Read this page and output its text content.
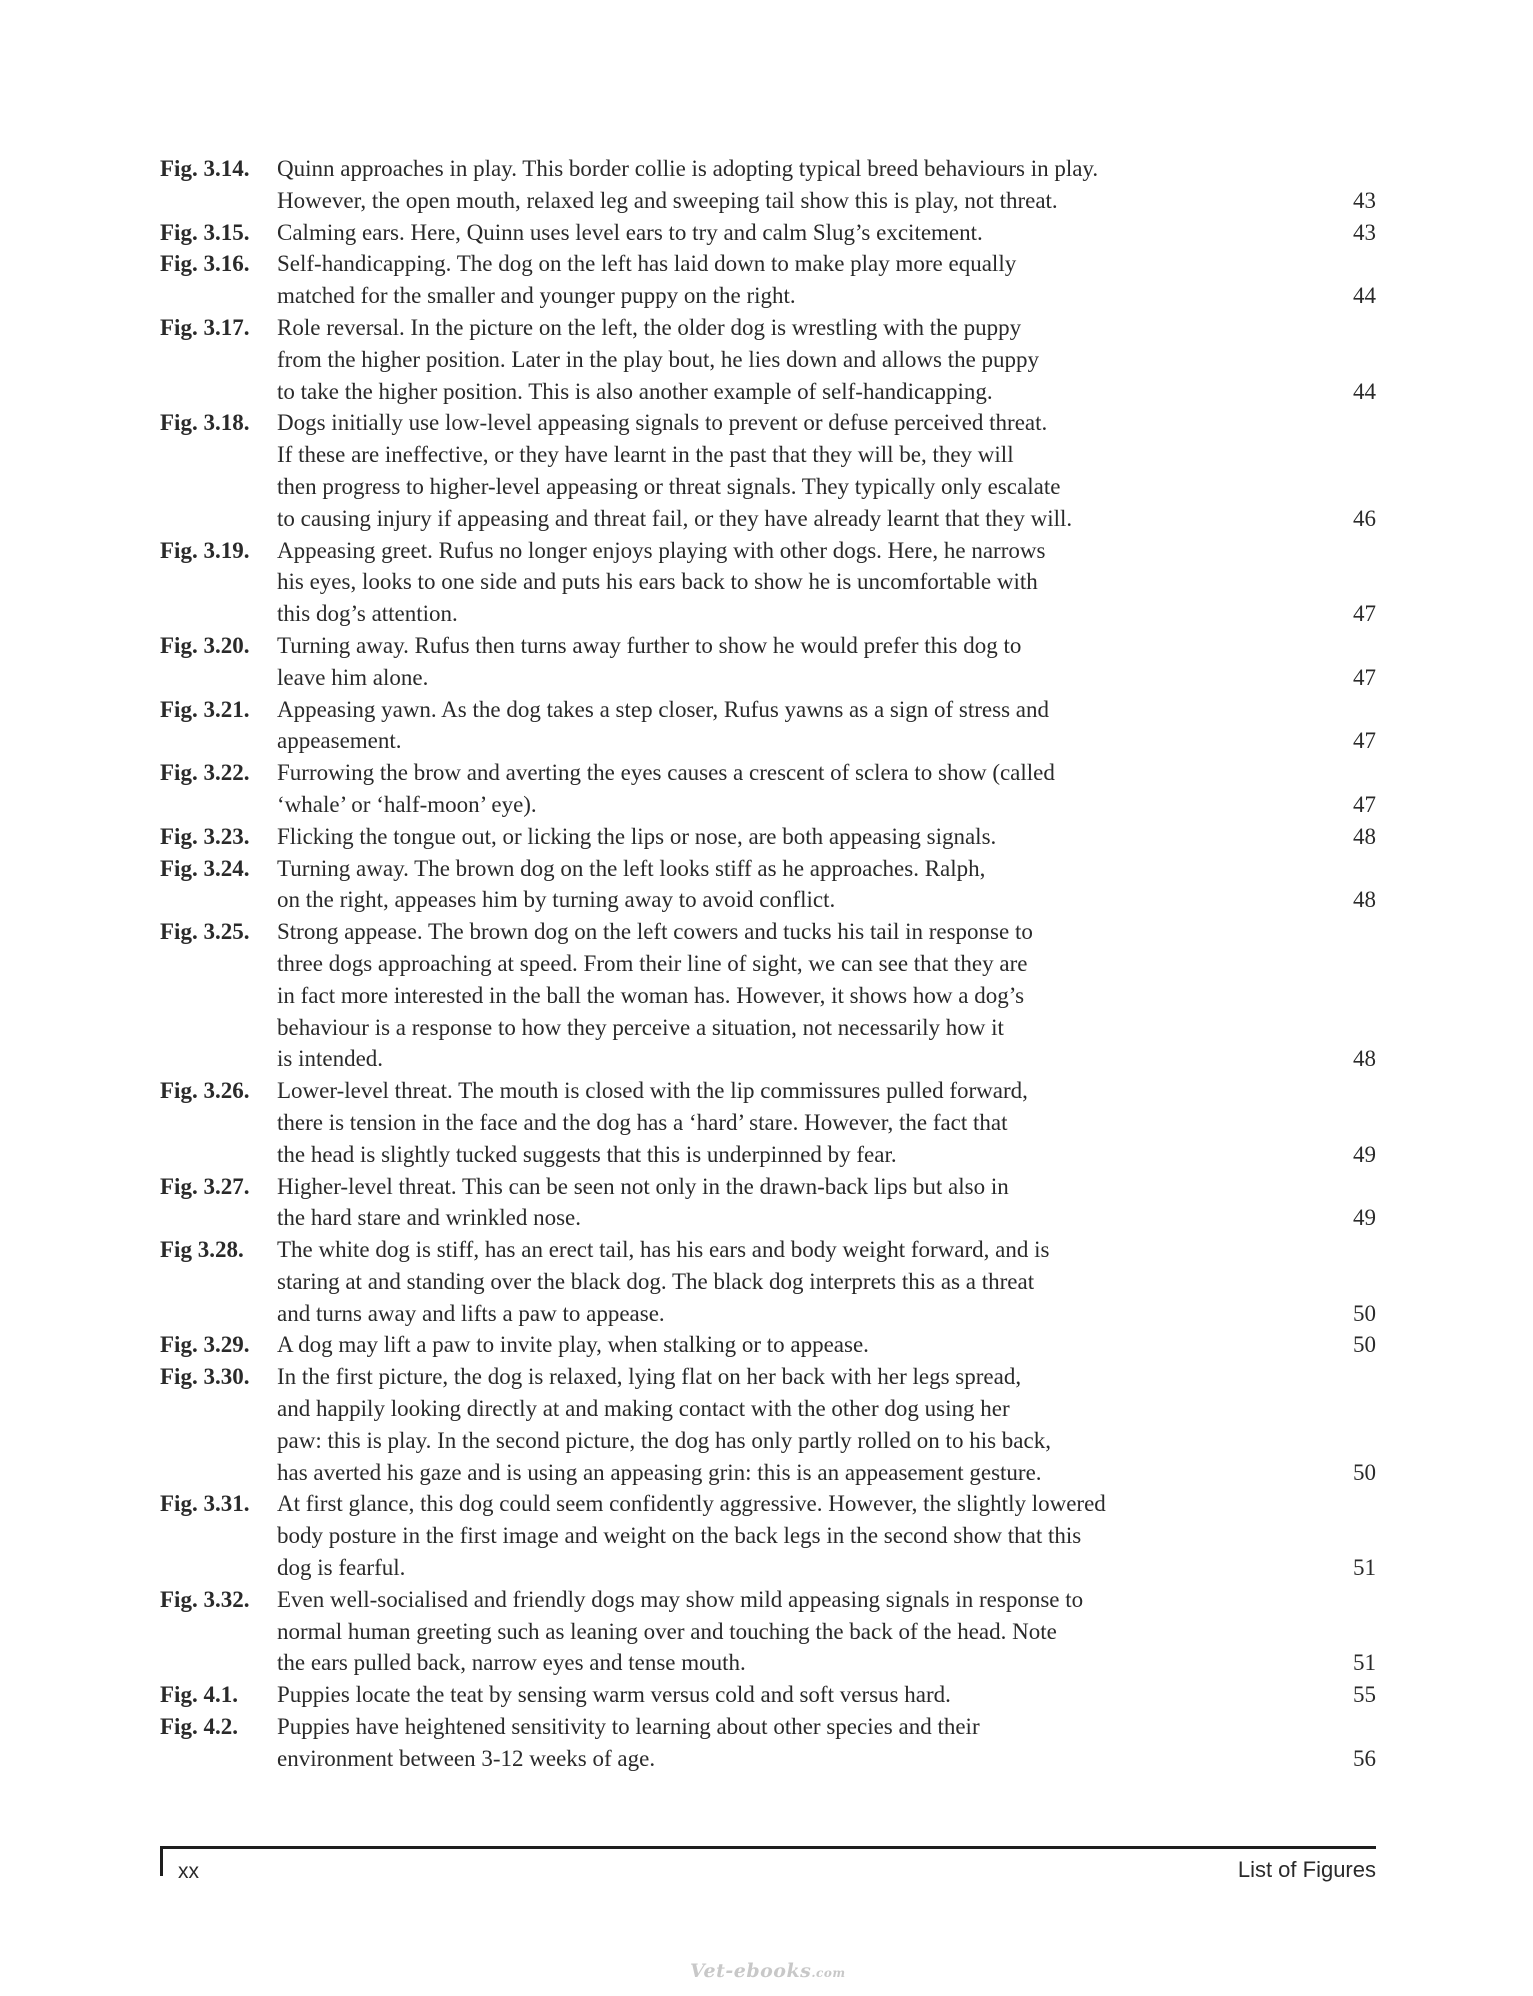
Fig. 3.14.	Quinn approaches in play. This border collie is adopting typical breed behaviours in play.
However, the open mouth, relaxed leg and sweeping tail show this is play, not threat.	43
Fig. 3.15.	Calming ears. Here, Quinn uses level ears to try and calm Slug’s excitement.	43
Fig. 3.16.	Self-handicapping. The dog on the left has laid down to make play more equally
matched for the smaller and younger puppy on the right.	44
Fig. 3.17.	Role reversal. In the picture on the left, the older dog is wrestling with the puppy
from the higher position. Later in the play bout, he lies down and allows the puppy
to take the higher position. This is also another example of self-handicapping.	44
Fig. 3.18.	Dogs initially use low-level appeasing signals to prevent or defuse perceived threat.
If these are ineffective, or they have learnt in the past that they will be, they will
then progress to higher-level appeasing or threat signals. They typically only escalate
to causing injury if appeasing and threat fail, or they have already learnt that they will.	46
Fig. 3.19.	Appeasing greet. Rufus no longer enjoys playing with other dogs. Here, he narrows
his eyes, looks to one side and puts his ears back to show he is uncomfortable with
this dog’s attention.	47
Fig. 3.20.	Turning away. Rufus then turns away further to show he would prefer this dog to
leave him alone.	47
Fig. 3.21.	Appeasing yawn. As the dog takes a step closer, Rufus yawns as a sign of stress and
appeasement.	47
Fig. 3.22.	Furrowing the brow and averting the eyes causes a crescent of sclera to show (called
‘whale’ or ‘half-moon’ eye).	47
Fig. 3.23.	Flicking the tongue out, or licking the lips or nose, are both appeasing signals.	48
Fig. 3.24.	Turning away. The brown dog on the left looks stiff as he approaches. Ralph,
on the right, appeases him by turning away to avoid conflict.	48
Fig. 3.25.	Strong appease. The brown dog on the left cowers and tucks his tail in response to
three dogs approaching at speed. From their line of sight, we can see that they are
in fact more interested in the ball the woman has. However, it shows how a dog’s
behaviour is a response to how they perceive a situation, not necessarily how it
is intended.	48
Fig. 3.26.	Lower-level threat. The mouth is closed with the lip commissures pulled forward,
there is tension in the face and the dog has a ‘hard’ stare. However, the fact that
the head is slightly tucked suggests that this is underpinned by fear.	49
Fig. 3.27.	Higher-level threat. This can be seen not only in the drawn-back lips but also in
the hard stare and wrinkled nose.	49
Fig 3.28.	The white dog is stiff, has an erect tail, has his ears and body weight forward, and is
staring at and standing over the black dog. The black dog interprets this as a threat
and turns away and lifts a paw to appease.	50
Fig. 3.29.	A dog may lift a paw to invite play, when stalking or to appease.	50
Fig. 3.30.	In the first picture, the dog is relaxed, lying flat on her back with her legs spread,
and happily looking directly at and making contact with the other dog using her
paw: this is play. In the second picture, the dog has only partly rolled on to his back,
has averted his gaze and is using an appeasing grin: this is an appeasement gesture.	50
Fig. 3.31.	At first glance, this dog could seem confidently aggressive. However, the slightly lowered
body posture in the first image and weight on the back legs in the second show that this
dog is fearful.	51
Fig. 3.32.	Even well-socialised and friendly dogs may show mild appeasing signals in response to
normal human greeting such as leaning over and touching the back of the head. Note
the ears pulled back, narrow eyes and tense mouth.	51
Fig. 4.1.	Puppies locate the teat by sensing warm versus cold and soft versus hard.	55
Fig. 4.2.	Puppies have heightened sensitivity to learning about other species and their
environment between 3-12 weeks of age.	56
xx	List of Figures
Vet-ebooks.com
